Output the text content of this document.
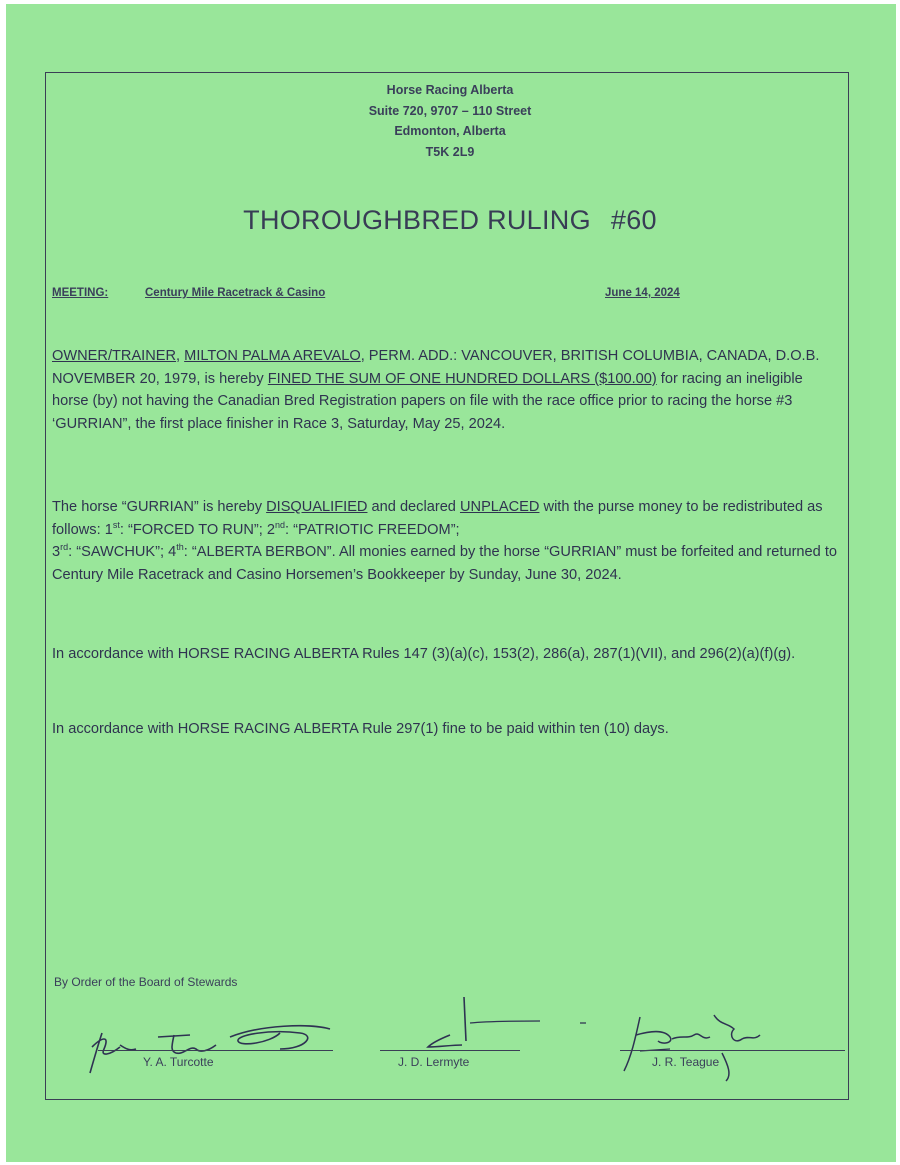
Horse Racing Alberta
Suite 720, 9707 – 110 Street
Edmonton, Alberta
T5K 2L9
THOROUGHBRED RULING #60
MEETING:	Century Mile Racetrack & Casino	June 14, 2024
OWNER/TRAINER, MILTON PALMA AREVALO, PERM. ADD.: VANCOUVER, BRITISH COLUMBIA, CANADA, D.O.B. NOVEMBER 20, 1979, is hereby FINED THE SUM OF ONE HUNDRED DOLLARS ($100.00) for racing an ineligible horse (by) not having the Canadian Bred Registration papers on file with the race office prior to racing the horse #3 ‘GURRIAN”, the first place finisher in Race 3, Saturday, May 25, 2024.
The horse “GURRIAN” is hereby DISQUALIFIED and declared UNPLACED with the purse money to be redistributed as follows: 1st: “FORCED TO RUN”; 2nd: “PATRIOTIC FREEDOM”;
3rd: “SAWCHUK”; 4th: “ALBERTA BERBON”. All monies earned by the horse “GURRIAN” must be forfeited and returned to Century Mile Racetrack and Casino Horsemen’s Bookkeeper by Sunday, June 30, 2024.
In accordance with HORSE RACING ALBERTA Rules 147 (3)(a)(c), 153(2), 286(a), 287(1)(VII), and 296(2)(a)(f)(g).
In accordance with HORSE RACING ALBERTA Rule 297(1) fine to be paid within ten (10) days.
By Order of the Board of Stewards
Y. A. Turcotte	J. D. Lermyte	J. R. Teague
